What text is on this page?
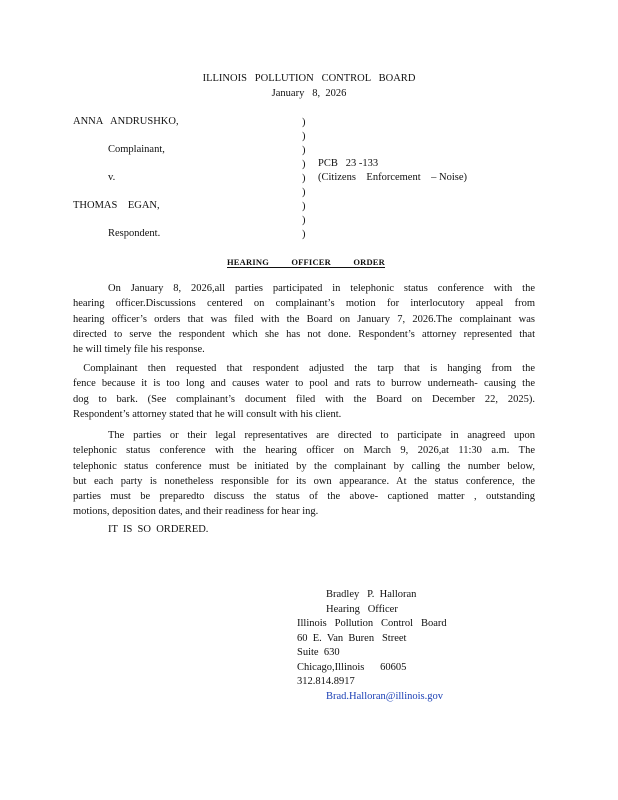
ILLINOIS   POLLUTION   CONTROL   BOARD
January   8,  2026
ANNA   ANDRUSHKO,
Complainant,
v.
THOMAS    EGAN,
Respondent.
)
)
)
)
)
)
)
)
)
PCB   23 -133
(Citizens    Enforcement    – Noise)
HEARING OFFICER ORDER
On January 8, 2026,all parties participated in telephonic status conference with the
hearing officer.Discussions centered on complainant’s motion for interlocutory appeal from
hearing officer’s orders that was filed with the Board on January 7, 2026.The complainant was
directed to serve the respondent which she has not done. Respondent’s attorney represented that
he will timely file his response.
Complainant then requested that respondent adjusted the tarp that is hanging from the
fence because it is too long and causes water to pool and rats to burrow underneath- causing the
dog to bark. (See complainant’s document filed with the Board on December 22, 2025).
Respondent’s attorney stated that he will consult with his client.
The parties or their legal representatives are directed to participate in anagreed upon
telephonic status conference with the hearing officer on March 9, 2026,at 11:30 a.m. The
telephonic status conference must be initiated by the complainant by calling the number below,
but each party is nonetheless responsible for its own appearance. At the status conference, the
parties must be preparedto discuss the status of the above- captioned matter , outstanding
motions, deposition dates, and their readiness for hear ing.
IT  IS  SO  ORDERED.
Bradley   P.  Halloran
Hearing   Officer
Illinois   Pollution   Control   Board
60  E.  Van  Buren   Street
Suite  630
Chicago,Illinois      60605
312.814.8917
Brad.Halloran@illinois.gov
